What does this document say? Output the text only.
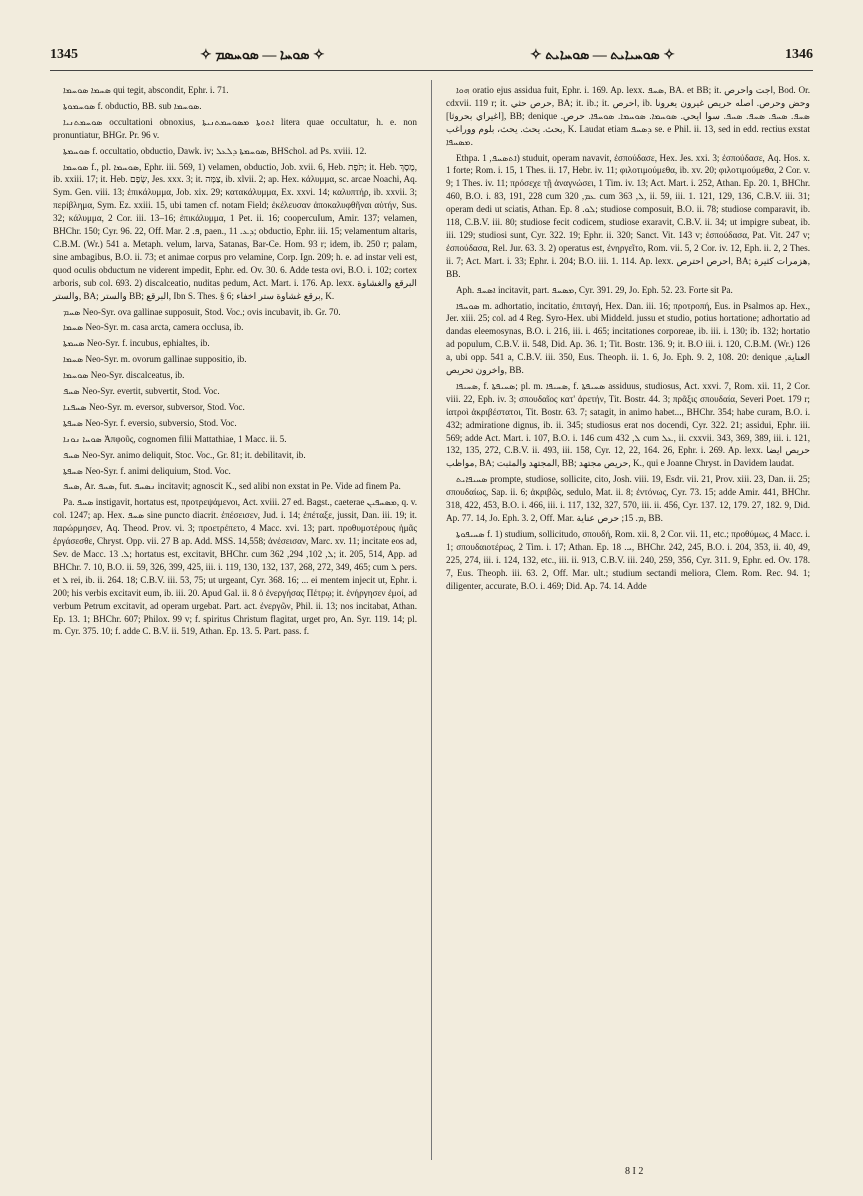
1345	✧ ܣܘܚܐ — ܣܘܚܣܡ ✧	✧ ܣܘܚܝܐܝܬ — ܣܘܚܐܝܬ ✧	1346

ܣܚܡܐ ܣܘܚܡܐ qui tegit, abscondit, Ephr. i. 71.

ܣܘܚܡܘܬܐ f. obductio, BB. sub ܣܘܚܡܐ.

ܣܘܚܡܬܢܝܐ occultationi obnoxius, ܐܬܘܬܐ ܡܣܘܚܡܬܢܝܬܐ litera quae occultatur, h. e. non pronuntiatur, BHGr. Pr. 96 v.

ܣܘܚܡܬܐ f. occultatio, obductio, Dawk. iv; ܣܘܚܡܬܐ ܕܠܥܠ, BHSchol. ad Ps. xviii. 12.

ܣܘܚܡܐ f., pl. ܣܘܚܡܐ, Ephr. iii. 569, 1) velamen, obductio, Job. xvii. 6, Heb. תֹּפֶת; it. Heb. מָסָךְ, ib. xxiii. 17; it. Heb. שָׂפָם, Jes. xxx. 3; it. צַמָּה, ib. xlvii. 2; ap. Hex. κάλυμμα, sc. arcae Noachi, Aq. Sym. Gen. viii. 13; ἐπικάλυμμα, Job. xix. 29; κατακάλυμμα, Ex. xxvi. 14; καλυπτήρ, ib. xxvii. 3; περίβλημα, Sym. Ez. xxiii. 15, ubi tamen cf. notam Field; ἐκέλευσαν ἀποκαλυφθῆναι αὐτήν, Sus. 32; κάλυμμα, 2 Cor. iii. 13–16; ἐπικάλυμμα, 1 Pet. ii. 16; coopercuIum, Amir. 137; velamen, BHChr. 150; Cyr. 96. 22, Off. Mar. ܦ. 2, paen., ܕܥ. 11; obductio, Ephr. iii. 15; velamentum altaris, C.B.M. (Wr.) 541 a. Metaph. velum, larva, Satanas, Bar-Ce. Hom. 93 r; idem, ib. 250 r; palam, sine ambagibus, B.O. ii. 73; et animae corpus pro velamine, Corp. Ign. 209; h. e. ad instar veli est, quod oculis obductum ne viderent impedit, Ephr. ed. Ov. 30. 6. Adde testa ovi, B.O. i. 102; cortex arboris, sub col. 693. 2) discalceatio, nuditas pedum, Act. Mart. i. 176. Ap. lexx. البرقع والغشاوة والستر, BA; والستر BB; البرقع, Ibn S. Thes. § 6; برقع غشاوة ستر اخفاء, K.

ܣܚܡ Neo-Syr. ova gallinae supposuit, Stod. Voc.; ovis incubavit, ib. Gr. 70.

ܣܚܡܐ Neo-Syr. m. casa arcta, camera occlusa, ib.

ܣܚܡܬܐ Neo-Syr. f. incubus, ephialtes, ib.

ܣܚܡܐ Neo-Syr. m. ovorum gallinae suppositio, ib.

ܣܘܚܡܐ Neo-Syr. discalceatus, ib.

ܣܚܦ Neo-Syr. evertit, subvertit, Stod. Voc.

ܣܚܦܢܐ Neo-Syr. m. eversor, subversor, Stod. Voc.

ܣܚܦܬܐ Neo-Syr. f. eversio, subversio, Stod. Voc.

ܣܘܚܐ ܢܘܢܐ Ἀπφοῦς, cognomen filii Mattathiae, 1 Macc. ii. 5.

ܣܚܦ Neo-Syr. animo deliquit, Stoc. Voc., Gr. 81; it. debilitavit, ib.

ܣܚܦܬܐ Neo-Syr. f. animi deliquium, Stod. Voc.

ܣܚܦ, Ar. ܣܚܦ, fut. ܢܣܚܦ incitavit; agnoscit K., sed alibi non exstat in Pe. Vide ad finem Pa.

Pa. ܣܚܦ instigavit, hortatus est, προτρεψάμενοι, Act. xviii. 27 ed. Bagst., caeterae ܡܣܚܦܝܢ, q. v. col. 1247; ap. Hex. ܣܚܦ sine puncto diacrit. ἐπέσεισεν, Jud. i. 14; ἐπέταξε, jussit, Dan. iii. 19; it. παρώρμησεν, Aq. Theod. Prov. vi. 3; προετρέπετο, 4 Macc. xvi. 13; part. προθυμοτέρους ἡμᾶς ἐργάσεσθε, Chryst. Opp. vii. 27 B ap. Add. MSS. 14,558; ἀνέσεισαν, Marc. xv. 11; incitate eos ad, Sev. de Macc. ܠ. 13; hortatus est, excitavit, BHChr. cum ܠ, 102, 294, 362; it. 205, 514, App. ad BHChr. 7. 10, B.O. ii. 59, 326, 399, 425, iii. i. 119, 130, 132, 137, 268, 272, 349, 465; cum ܠ pers. et ܠ rei, ib. ii. 264. 18; C.B.V. iii. 53, 75; ut urgeant, Cyr. 368. 16; ... ei mentem injecit ut, Ephr. i. 200; his verbis excitavit eum, ib. iii. 20. Apud Gal. ii. 8 ὁ ἐνεργήσας Πέτρῳ; it. ἐνήργησεν ἐμοί, ad verbum Petrum excitavit, ad operam urgebat. Part. act. ἐνεργῶν, Phil. ii. 13; nos incitabat, Athan. Ep. 13. 1; BHChr. 607; Philox. 99 v; f. spiritus Christum flagitat, urget pro, An. Syr. 119. 14; pl. m. Cyr. 375. 10; f. adde C. B.V. ii. 519, Athan. Ep. 13. 5. Part. pass. f.

ܗܘܐ oratio ejus assidua fuit, Ephr. i. 169. Ap. lexx. ܣܚܦ, BA. et BB; it. اجت واحرص, Bod. Or. cdxvii. 119 r; it. حرص حثي, BA; it. ib.; it. احرص, ib. وحض وحرص. اصله حريص غيرون يعرونا [اغيراي بحروثا], BB; denique ܣܚܦ. ܣܚܦ. ܣܚܦ. ܣܚܦ. سوا ايحي. ܣܘܚܡܐ. ܣܘܚܡܐ. ܣܘܚܦܐ. حرص. بحث. يحث. يحث، بلوم ووراغب, K. Laudat etiam ܕܣܚܦ se. e Phil. ii. 13, sed in edd. rectius exstat ܡܣܚܦܐ.

Ethpa. ܐܬܣܚܦ, 1) studuit, operam navavit, ἐσπούδασε, Hex. Jes. xxi. 3; ἐσπούδασε, Aq. Hos. x. 1 forte; Rom. i. 15, 1 Thes. ii. 17, Hebr. iv. 11; φιλοτιμούμεθα, ib. xv. 20; φιλοτιμούμεθα, 2 Cor. v. 9; 1 Thes. iv. 11; πρόσεχε τῇ ἀναγνώσει, 1 Tim. iv. 13; Act. Mart. i. 252, Athan. Ep. 20. 1, BHChr. 460, B.O. i. 83, 191, 228 cum ܥܡ, 320 cum ܠ, 363, ii. 59, iii. 1. 121, 129, 136, C.B.V. iii. 31; operam dedi ut sciatis, Athan. Ep. ܠܘ. 8; studiose composuit, B.O. ii. 78; studiose comparavit, ib. 118, C.B.V. iii. 80; studiose fecit codicem, studiose exaravit, C.B.V. ii. 34; ut impigre subeat, ib. iii. 129; studiosi sunt, Cyr. 322. 19; Ephr. ii. 320; Sanct. Vit. 143 v; ἐσπούδασα, Pat. Vit. 247 v; ἐσπούδασα, Rel. Jur. 63. 3. 2) operatus est, ἐνηργεῖτο, Rom. vii. 5, 2 Cor. iv. 12, Eph. ii. 2, 2 Thes. ii. 7; Act. Mart. i. 33; Ephr. i. 204; B.O. iii. 1. 114. Ap. lexx. احرص احترص, BA; هزمرات كثيرة, BB.

Aph. ܐܣܚܦ incitavit, part. ܡܣܚܦ, Cyr. 391. 29, Jo. Eph. 52. 23. Forte sit Pa.

ܣܘܚܦܐ m. adhortatio, incitatio, ἐπιταγή, Hex. Dan. iii. 16; προτροπή, Eus. in Psalmos ap. Hex., Jer. xiii. 25; col. ad 4 Reg. Syro-Hex. ubi Middeld. jussu et studio, potius hortatione; adhortatio ad dandas eleemosynas, B.O. i. 216, iii. i. 465; incitationes corporeae, ib. iii. i. 130; ib. 132; hortatio ad populum, C.B.V. ii. 548, Did. Ap. 36. 1; Tit. Bostr. 136. 9; it. B.O iii. i. 120, C.B.M. (Wr.) 126 a, ubi opp. 541 a, C.B.V. iii. 350, Eus. Theoph. ii. 1. 6, Jo. Eph. 9. 2, 108. 20: denique العناية, واخرون تحريص, BB.

ܣܚܝܦܐ, f. ܣܚܝܦܬܐ; pl. m. ܣܚܝܦܐ, f. ܣܚܝܦܬܐ assiduus, studiosus, Act. xxvi. 7, Rom. xii. 11, 2 Cor. viii. 22, Eph. iv. 3; σπουδαῖος κατ' ἀρετήν, Tit. Bostr. 44. 3; πρᾶξις σπουδαία, Severi Poet. 179 r; ἰατροὶ ἀκριβέστατοι, Tit. Bostr. 63. 7; satagit, in animo habet..., BHChr. 354; habe curam, B.O. i. 432; admiratione dignus, ib. ii. 345; studiosus erat nos docendi, Cyr. 322. 21; assidui, Ephr. iii. 569; adde Act. Mart. i. 107, B.O. i. 146 cum ܠ, 432 cum ܥܠ, ii. cxxvii. 343, 369, 389, iii. i. 121, 132, 135, 272, C.B.V. ii. 493, iii. 158, Cyr. 12, 22, 164. 26, Ephr. i. 269. Ap. lexx. حريص ايضا مواظب, BA; المجتهد والمثبت, BB; حريص مجتهد, K., qui e Joanne Chryst. in Davidem laudat.

ܣܚܝܦܐܝܬ prompte, studiose, sollicite, cito, Josh. viii. 19, Esdr. vii. 21, Prov. xiii. 23, Dan. ii. 25; σπουδαίως, Sap. ii. 6; ἀκριβῶς, sedulo, Mat. ii. 8; ἐντόνως, Cyr. 73. 15; adde Amir. 441, BHChr. 318, 422, 453, B.O. i. 466, iii. i. 117, 132, 327, 570, iii. ii. 456, Cyr. 137. 12, 179. 27, 182. 9, Did. Ap. 77. 14, Jo. Eph. 3. 2, Off. Mar. ܡ. 15; حرص عناية, BB.

ܣܚܝܦܘܬܐ f. 1) studium, sollicitudo, σπουδή, Rom. xii. 8, 2 Cor. vii. 11, etc.; προθύμως, 4 Macc. i. 1; σπουδαιοτέρως, 2 Tim. i. 17; Athan. Ep. ܝ. 18, BHChr. 242, 245, B.O. i. 204, 353, ii. 40, 49, 225, 274, iii. i. 124, 132, etc., iii. ii. 913, C.B.V. iii. 240, 259, 356, Cyr. 311. 9, Ephr. ed. Ov. 178. 7, Eus. Theoph. iii. 63. 2, Off. Mar. ult.; studium sectandi meliora, Clem. Rom. Rec. 94. 1; diligenter, accurate, B.O. i. 469; Did. Ap. 74. 14. Adde

8 I 2
